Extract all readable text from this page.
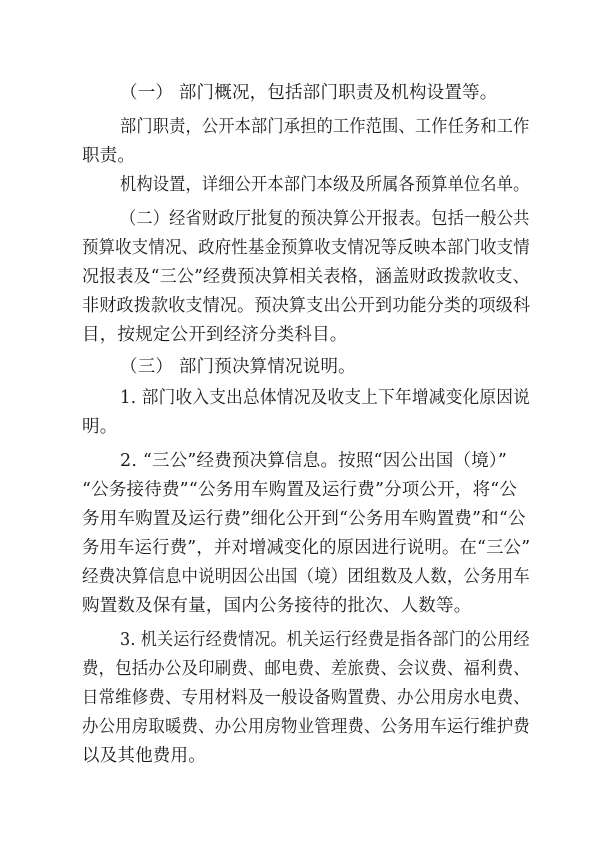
（一） 部门概况，包括部门职责及机构设置等。
部门职责，公开本部门承担的工作范围、工作任务和工作
职责。
机构设置，详细公开本部门本级及所属各预算单位名单。
（二）经省财政厅批复的预决算公开报表。包括一般公共
预算收支情况、政府性基金预算收支情况等反映本部门收支情
况报表及“三公”经费预决算相关表格，涵盖财政拨款收支、
非财政拨款收支情况。预决算支出公开到功能分类的项级科
目，按规定公开到经济分类科目。
（三） 部门预决算情况说明。
1. 部门收入支出总体情况及收支上下年增减变化原因说
明。
2. “三公”经费预决算信息。按照“因公出国（境）”
“公务接待费”“公务用车购置及运行费”分项公开，将“公
务用车购置及运行费”细化公开到“公务用车购置费”和“公
务用车运行费”，并对增减变化的原因进行说明。在“三公”
经费决算信息中说明因公出国（境）团组数及人数，公务用车
购置数及保有量，国内公务接待的批次、人数等。
3. 机关运行经费情况。机关运行经费是指各部门的公用经
费，包括办公及印刷费、邮电费、差旅费、会议费、福利费、
日常维修费、专用材料及一般设备购置费、办公用房水电费、
办公用房取暖费、办公用房物业管理费、公务用车运行维护费
以及其他费用。
